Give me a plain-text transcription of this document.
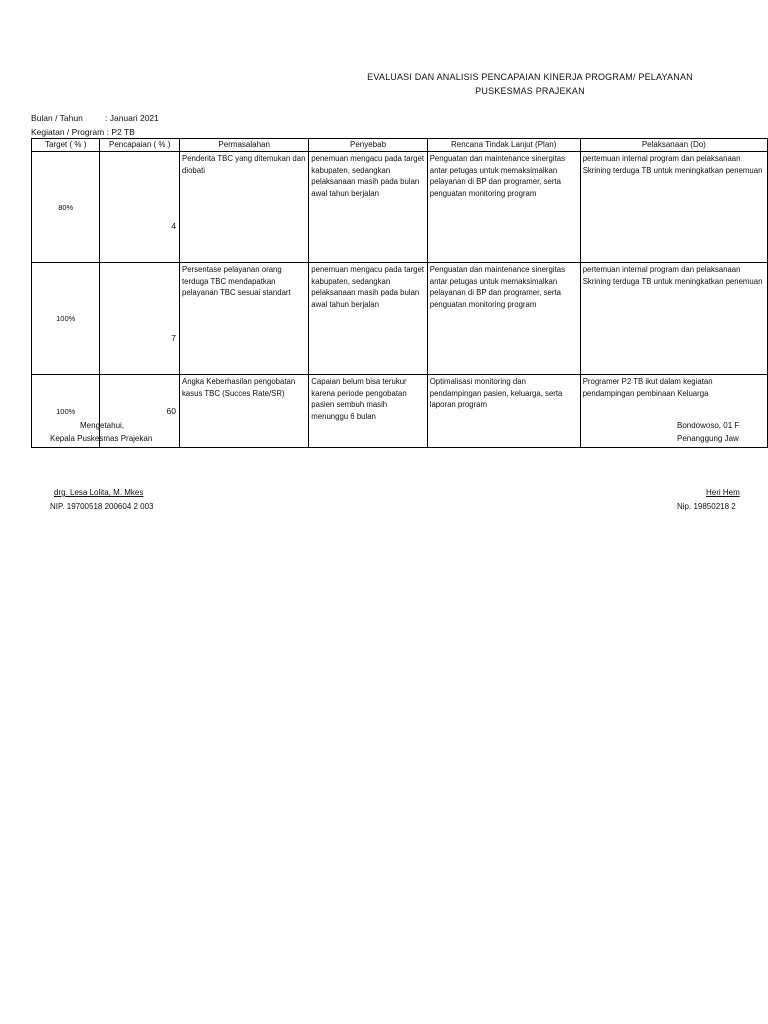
EVALUASI DAN ANALISIS PENCAPAIAN KINERJA PROGRAM/ PELAYANAN
PUSKESMAS PRAJEKAN
Bulan / Tahun	: Januari 2021
Kegiatan / Program : P2 TB
Target ( % )	Pencapaian ( % )	Permasalahan	Penyebab	Rencana Tindak Lanjut (Plan)	Pelaksanaan (Do)
80%	4	Penderita TBC yang ditemukan dan diobati	penemuan mengacu pada target kabupaten, sedangkan pelaksanaan masih pada bulan awal tahun berjalan	Penguatan dan maintenance sinergitas antar petugas untuk memaksimalkan pelayanan di BP dan programer, serta penguatan monitoring program	pertemuan internal program dan pelaksanaan Skrining terduga TB untuk meningkatkan penemuan
100%	7	Persentase pelayanan orang terduga TBC mendapatkan pelayanan TBC sesuai standart	penemuan mengacu pada target kabupaten, sedangkan pelaksanaan masih pada bulan awal tahun berjalan	Penguatan dan maintenance sinergitas antar petugas untuk memaksimalkan pelayanan di BP dan programer, serta penguatan monitoring program	pertemuan internal program dan pelaksanaan Skrining terduga TB untuk meningkatkan penemuan
100%	60	Angka Keberhasilan pengobatan kasus TBC (Succes Rate/SR)	Capaian belum bisa terukur karena periode pengobatan pasien sembuh masih menunggu 6 bulan	Optimalisasi monitoring dan pendampingan pasien, keluarga, serta laporan program	Programer P2 TB ikut dalam kegiatan pendampingan pembinaan Keluarga
Mengetahui,
Kepala Puskesmas Prajekan
drg. Lesa Lolita, M. Mkes
NIP. 19700518 200604 2 003
Bondowoso, 01 F
Penanggung Jaw
Heri Hem
Nip. 19850218 2
